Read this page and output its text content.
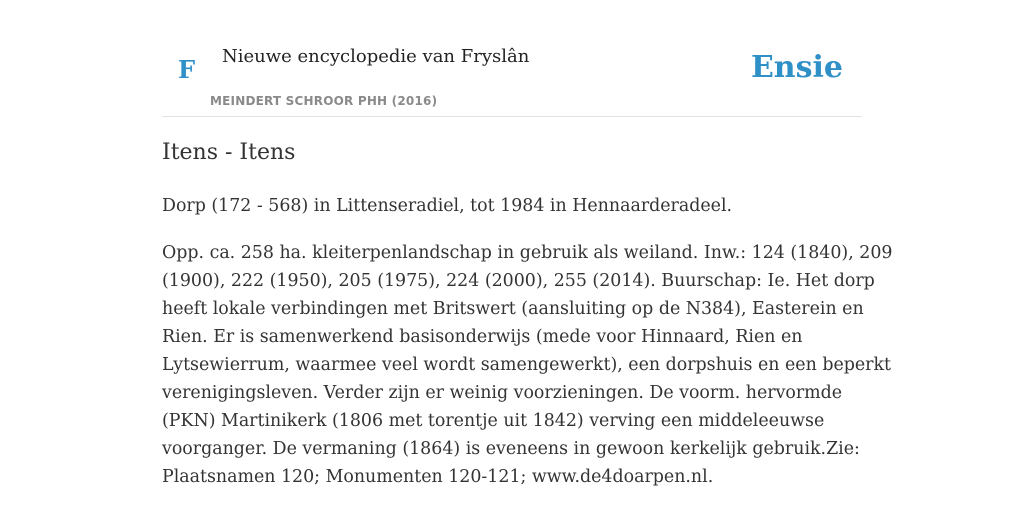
F Nieuwe encyclopedie van Fryslân
MEINDERT SCHROOR PHH (2016)
Ensie
Itens - Itens

Dorp (172 - 568) in Littenseradiel, tot 1984 in Hennaarderadeel.

Opp. ca. 258 ha. kleiterpenlandschap in gebruik als weiland. Inw.: 124 (1840), 209
(1900), 222 (1950), 205 (1975), 224 (2000), 255 (2014). Buurschap: Ie. Het dorp
heeft lokale verbindingen met Britswert (aansluiting op de N384), Easterein en
Rien. Er is samenwerkend basisonderwijs (mede voor Hinnaard, Rien en
Lytsewierrum, waarmee veel wordt samengewerkt), een dorpshuis en een beperkt
verenigingsleven. Verder zijn er weinig voorzieningen. De voorm. hervormde
(PKN) Martinikerk (1806 met torentje uit 1842) verving een middeleeuwse
voorganger. De vermaning (1864) is eveneens in gewoon kerkelijk gebruik.Zie:
Plaatsnamen 120; Monumenten 120-121; www.de4doarpen.nl.
